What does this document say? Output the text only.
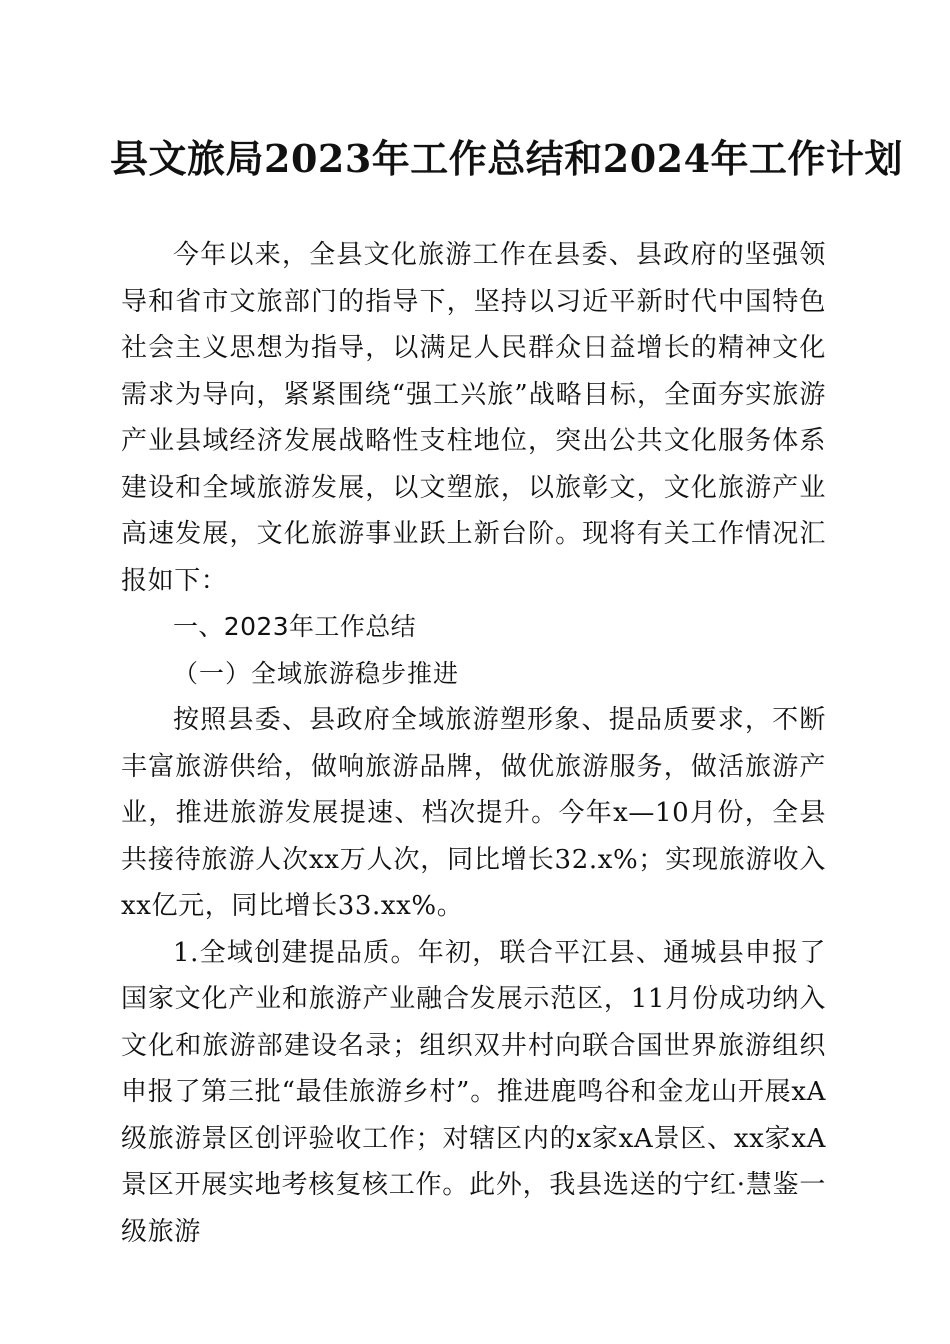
县文旅局2023年工作总结和2024年工作计划

今年以来，全县文化旅游工作在县委、县政府的坚强领导和省市文旅部门的指导下，坚持以习近平新时代中国特色社会主义思想为指导，以满足人民群众日益增长的精神文化需求为导向，紧紧围绕“强工兴旅”战略目标，全面夯实旅游产业县域经济发展战略性支柱地位，突出公共文化服务体系建设和全域旅游发展，以文塑旅，以旅彰文，文化旅游产业高速发展，文化旅游事业跃上新台阶。现将有关工作情况汇报如下：

一、2023年工作总结

（一）全域旅游稳步推进

按照县委、县政府全域旅游塑形象、提品质要求，不断丰富旅游供给，做响旅游品牌，做优旅游服务，做活旅游产业，推进旅游发展提速、档次提升。今年x—10月份，全县共接待旅游人次xx万人次，同比增长32.x%；实现旅游收入xx亿元，同比增长33.xx%。

1.全域创建提品质。年初，联合平江县、通城县申报了国家文化产业和旅游产业融合发展示范区，11月份成功纳入文化和旅游部建设名录；组织双井村向联合国世界旅游组织申报了第三批“最佳旅游乡村”。推进鹿鸣谷和金龙山开展xA级旅游景区创评验收工作；对辖区内的x家xA景区、xx家xA景区开展实地考核复核工作。此外，我县选送的宁红·慧鉴一级旅游
